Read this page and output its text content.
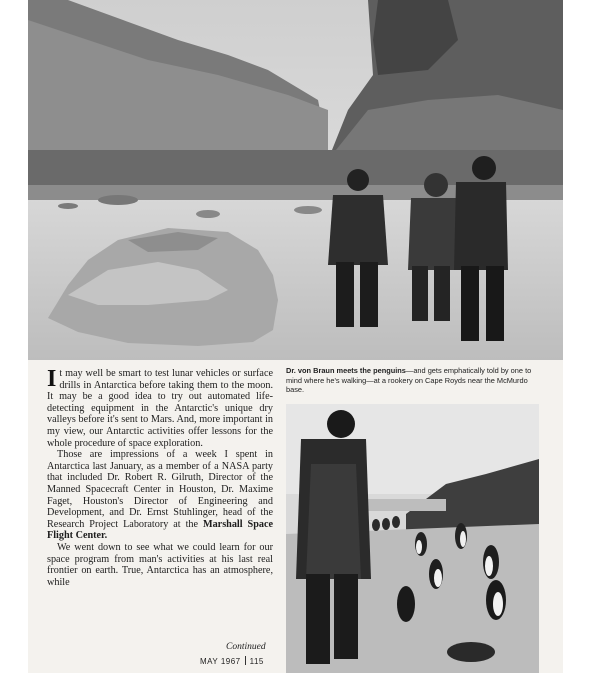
It may well be smart to test lunar vehicles or surface drills in Antarctica before taking them to the moon. It may be a good idea to try out automated life-detecting equipment in the Antarctic's unique dry valleys before it's sent to Mars. And, more important in my view, our Antarctic activities offer lessons for the whole procedure of space exploration.

Those are impressions of a week I spent in Antarctica last January, as a member of a NASA party that included Dr. Robert R. Gilruth, Director of the Manned Spacecraft Center in Houston, Dr. Maxime Faget, Houston's Director of Engineering and Development, and Dr. Ernst Stuhlinger, head of the Research Project Laboratory at the Marshall Space Flight Center.

We went down to see what we could learn for our space program from man's activities at his last real frontier on earth. True, Antarctica has an atmosphere, while

Continued
MAY 1967 115
Dr. von Braun meets the penguins—and gets emphatically told by one to mind where he's walking—at a rookery on Cape Royds near the McMurdo base.
